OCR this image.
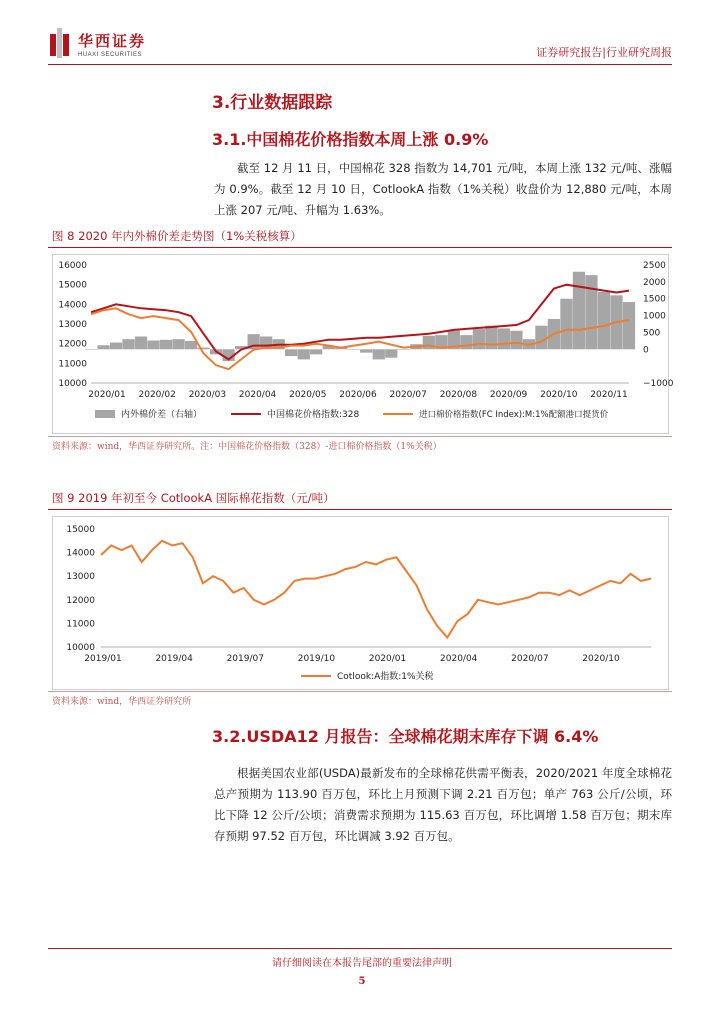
华西证券
HUAXI SECURITIES	证券研究报告|行业研究周报
3.行业数据跟踪
3.1.中国棉花价格指数本周上涨 0.9%
截至 12 月 11 日，中国棉花 328 指数为 14,701 元/吨，本周上涨 132 元/吨、涨幅为 0.9%。截至 12 月 10 日，CotlookA 指数（1%关税）收盘价为 12,880 元/吨，本周上涨 207 元/吨、升幅为 1.63%。
图 8 2020 年内外棉价差走势图（1%关税核算）
16000
15000
14000
13000
12000
11000
10000
2500
2000
1500
1000
500
0
−1000
2020/01 2020/02 2020/03 2020/04 2020/05 2020/06 2020/07 2020/08 2020/09 2020/10 2020/11
内外棉价差（右轴）	中国棉花价格指数:328	进口棉价格指数(FC Index):M:1%配额港口提货价
资料来源：wind，华西证券研究所。注：中国棉花价格指数（328）-进口棉价格指数（1%关税）
图 9 2019 年初至今 CotlookA 国际棉花指数（元/吨）
15000
14000
13000
12000
11000
10000
2019/01	2019/04	2019/07	2019/10	2020/01	2020/04	2020/07	2020/10
Cotlook:A指数:1%关税
资料来源：wind，华西证券研究所
3.2.USDA12 月报告：全球棉花期末库存下调 6.4%
根据美国农业部(USDA)最新发布的全球棉花供需平衡表，2020/2021 年度全球棉花总产预期为 113.90 百万包，环比上月预测下调 2.21 百万包；单产 763 公斤/公顷，环比下降 12 公斤/公顷；消费需求预期为 115.63 百万包，环比调增 1.58 百万包；期末库存预期 97.52 百万包，环比调减 3.92 百万包。
请仔细阅读在本报告尾部的重要法律声明
5
